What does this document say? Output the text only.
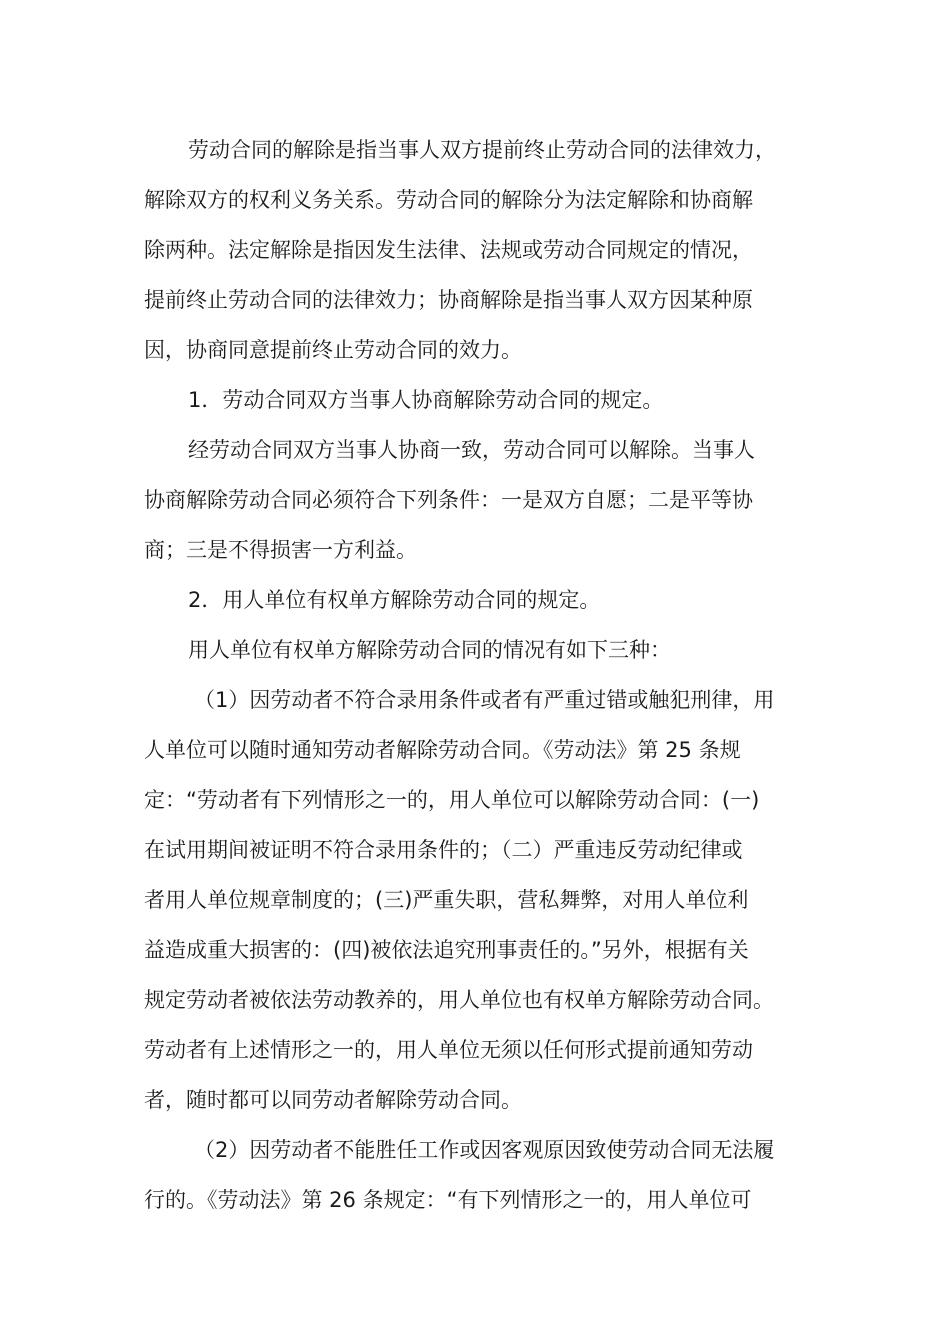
劳动合同的解除是指当事人双方提前终止劳动合同的法律效力，
解除双方的权利义务关系。劳动合同的解除分为法定解除和协商解
除两种。法定解除是指因发生法律、法规或劳动合同规定的情况，
提前终止劳动合同的法律效力；协商解除是指当事人双方因某种原
因，协商同意提前终止劳动合同的效力。
1．劳动合同双方当事人协商解除劳动合同的规定。
经劳动合同双方当事人协商一致，劳动合同可以解除。当事人
协商解除劳动合同必须符合下列条件：一是双方自愿；二是平等协
商；三是不得损害一方利益。
2．用人单位有权单方解除劳动合同的规定。
用人单位有权单方解除劳动合同的情况有如下三种：
（1）因劳动者不符合录用条件或者有严重过错或触犯刑律，用
人单位可以随时通知劳动者解除劳动合同。《劳动法》第 25 条规
定：“劳动者有下列情形之一的，用人单位可以解除劳动合同：(一)
在试用期间被证明不符合录用条件的；（二）严重违反劳动纪律或
者用人单位规章制度的；(三)严重失职，营私舞弊，对用人单位利
益造成重大损害的：(四)被依法追究刑事责任的。”另外，根据有关
规定劳动者被依法劳动教养的，用人单位也有权单方解除劳动合同。
劳动者有上述情形之一的，用人单位无须以任何形式提前通知劳动
者，随时都可以同劳动者解除劳动合同。
（2）因劳动者不能胜任工作或因客观原因致使劳动合同无法履
行的。《劳动法》第 26 条规定：“有下列情形之一的，用人单位可
